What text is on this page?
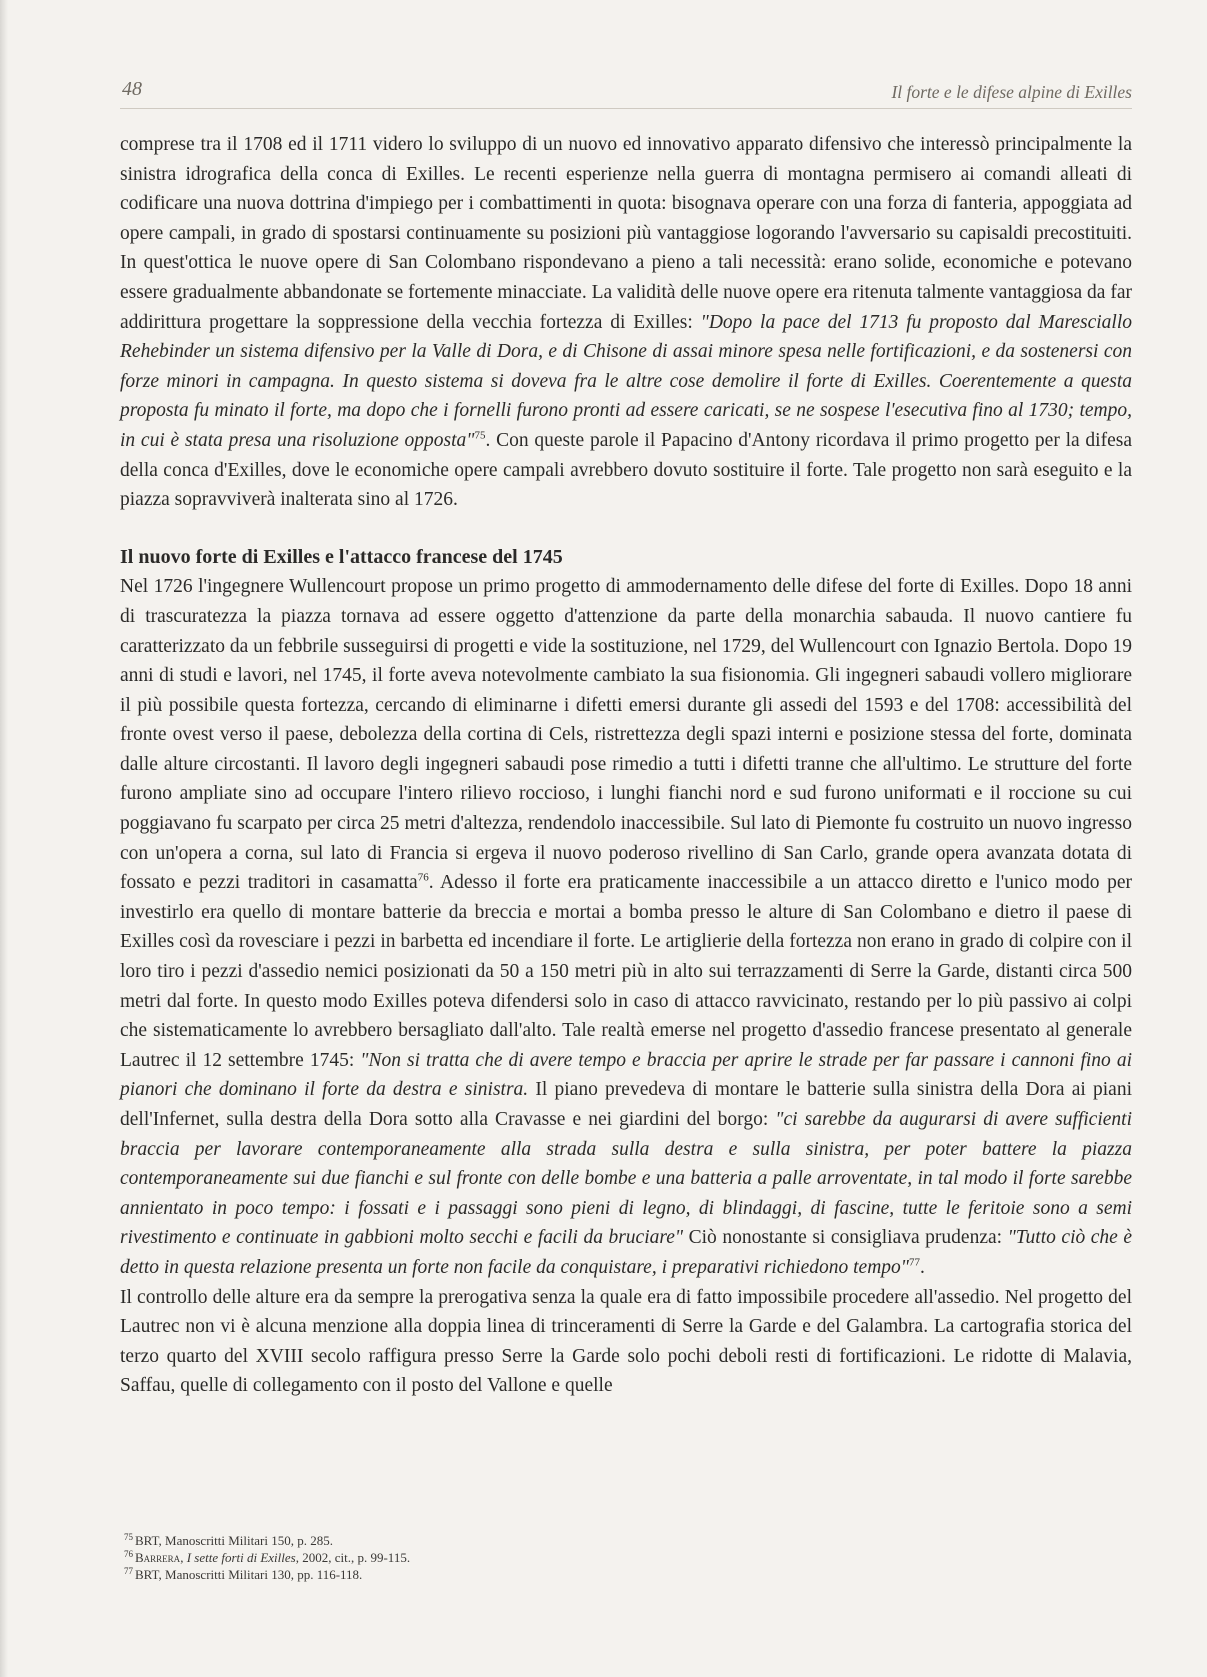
48	Il forte e le difese alpine di Exilles

comprese tra il 1708 ed il 1711 videro lo sviluppo di un nuovo ed innovativo apparato difensivo che interessò principalmente la sinistra idrografica della conca di Exilles. Le recenti esperienze nella guerra di montagna permisero ai comandi alleati di codificare una nuova dottrina d'impiego per i combattimenti in quota: bisognava operare con una forza di fanteria, appoggiata ad opere campali, in grado di spostarsi continuamente su posizioni più vantaggiose logorando l'avversario su capisaldi precostituiti. In quest'ottica le nuove opere di San Colombano rispondevano a pieno a tali necessità: erano solide, economiche e potevano essere gradualmente abbandonate se fortemente minacciate. La validità delle nuove opere era ritenuta talmente vantaggiosa da far addirittura progettare la soppressione della vecchia fortezza di Exilles: "Dopo la pace del 1713 fu proposto dal Maresciallo Rehebinder un sistema difensivo per la Valle di Dora, e di Chisone di assai minore spesa nelle fortificazioni, e da sostenersi con forze minori in campagna. In questo sistema si doveva fra le altre cose demolire il forte di Exilles. Coerentemente a questa proposta fu minato il forte, ma dopo che i fornelli furono pronti ad essere caricati, se ne sospese l'esecutiva fino al 1730; tempo, in cui è stata presa una risoluzione opposta"$^{75}$. Con queste parole il Papacino d'Antony ricordava il primo progetto per la difesa della conca d'Exilles, dove le economiche opere campali avrebbero dovuto sostituire il forte. Tale progetto non sarà eseguito e la piazza sopravviverà inalterata sino al 1726.

Il nuovo forte di Exilles e l'attacco francese del 1745

Nel 1726 l'ingegnere Wullencourt propose un primo progetto di ammodernamento delle difese del forte di Exilles. Dopo 18 anni di trascuratezza la piazza tornava ad essere oggetto d'attenzione da parte della monarchia sabauda. Il nuovo cantiere fu caratterizzato da un febbrile susseguirsi di progetti e vide la sostituzione, nel 1729, del Wullencourt con Ignazio Bertola. Dopo 19 anni di studi e lavori, nel 1745, il forte aveva notevolmente cambiato la sua fisionomia. Gli ingegneri sabaudi vollero migliorare il più possibile questa fortezza, cercando di eliminarne i difetti emersi durante gli assedi del 1593 e del 1708: accessibilità del fronte ovest verso il paese, debolezza della cortina di Cels, ristrettezza degli spazi interni e posizione stessa del forte, dominata dalle alture circostanti. Il lavoro degli ingegneri sabaudi pose rimedio a tutti i difetti tranne che all'ultimo. Le strutture del forte furono ampliate sino ad occupare l'intero rilievo roccioso, i lunghi fianchi nord e sud furono uniformati e il roccione su cui poggiavano fu scarpato per circa 25 metri d'altezza, rendendolo inaccessibile. Sul lato di Piemonte fu costruito un nuovo ingresso con un'opera a corna, sul lato di Francia si ergeva il nuovo poderoso rivellino di San Carlo, grande opera avanzata dotata di fossato e pezzi traditori in casamatta$^{76}$. Adesso il forte era praticamente inaccessibile a un attacco diretto e l'unico modo per investirlo era quello di montare batterie da breccia e mortai a bomba presso le alture di San Colombano e dietro il paese di Exilles così da rovesciare i pezzi in barbetta ed incendiare il forte. Le artiglierie della fortezza non erano in grado di colpire con il loro tiro i pezzi d'assedio nemici posizionati da 50 a 150 metri più in alto sui terrazzamenti di Serre la Garde, distanti circa 500 metri dal forte. In questo modo Exilles poteva difendersi solo in caso di attacco ravvicinato, restando per lo più passivo ai colpi che sistematicamente lo avrebbero bersagliato dall'alto. Tale realtà emerse nel progetto d'assedio francese presentato al generale Lautrec il 12 settembre 1745: "Non si tratta che di avere tempo e braccia per aprire le strade per far passare i cannoni fino ai pianori che dominano il forte da destra e sinistra. Il piano prevedeva di montare le batterie sulla sinistra della Dora ai piani dell'Infernet, sulla destra della Dora sotto alla Cravasse e nei giardini del borgo: "ci sarebbe da augurarsi di avere sufficienti braccia per lavorare contemporaneamente alla strada sulla destra e sulla sinistra, per poter battere la piazza contemporaneamente sui due fianchi e sul fronte con delle bombe e una batteria a palle arroventate, in tal modo il forte sarebbe annientato in poco tempo: i fossati e i passaggi sono pieni di legno, di blindaggi, di fascine, tutte le feritoie sono a semi rivestimento e continuate in gabbioni molto secchi e facili da bruciare" Ciò nonostante si consigliava prudenza: "Tutto ciò che è detto in questa relazione presenta un forte non facile da conquistare, i preparativi richiedono tempo"$^{77}$.

Il controllo delle alture era da sempre la prerogativa senza la quale era di fatto impossibile procedere all'assedio. Nel progetto del Lautrec non vi è alcuna menzione alla doppia linea di trinceramenti di Serre la Garde e del Galambra. La cartografia storica del terzo quarto del XVIII secolo raffigura presso Serre la Garde solo pochi deboli resti di fortificazioni. Le ridotte di Malavia, Saffau, quelle di collegamento con il posto del Vallone e quelle

$^{75}$ BRT, Manoscritti Militari 150, p. 285.
$^{76}$ Barrera, I sette forti di Exilles, 2002, cit., p. 99-115.
$^{77}$ BRT, Manoscritti Militari 130, pp. 116-118.
